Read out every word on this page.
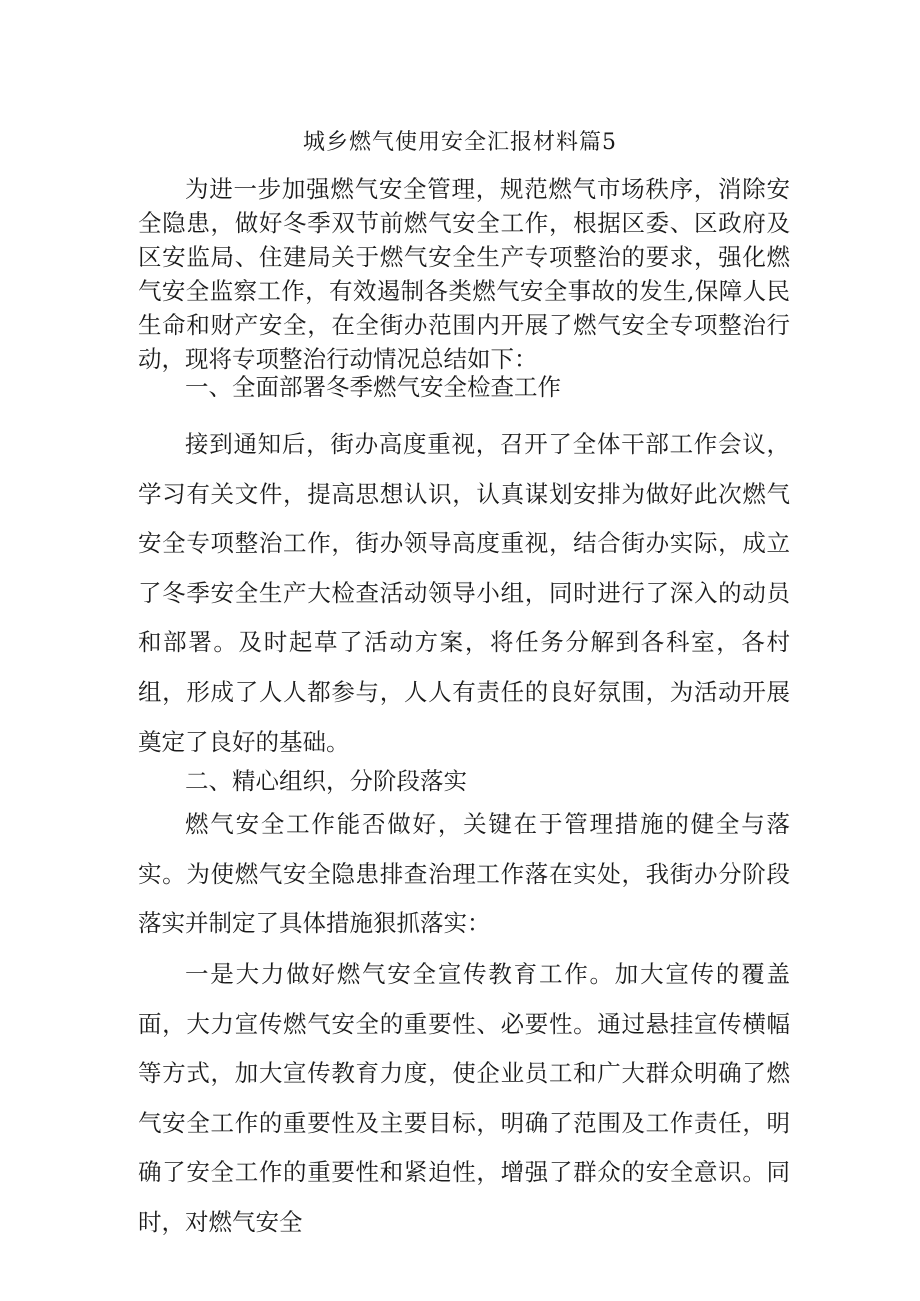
城乡燃气使用安全汇报材料篇5

为进一步加强燃气安全管理，规范燃气市场秩序，消除安全隐患，做好冬季双节前燃气安全工作，根据区委、区政府及区安监局、住建局关于燃气安全生产专项整治的要求，强化燃气安全监察工作，有效遏制各类燃气安全事故的发生,保障人民生命和财产安全，在全街办范围内开展了燃气安全专项整治行动，现将专项整治行动情况总结如下：

一、全面部署冬季燃气安全检查工作

接到通知后，街办高度重视，召开了全体干部工作会议，学习有关文件，提高思想认识，认真谋划安排为做好此次燃气安全专项整治工作，街办领导高度重视，结合街办实际，成立了冬季安全生产大检查活动领导小组，同时进行了深入的动员和部署。及时起草了活动方案，将任务分解到各科室，各村组，形成了人人都参与，人人有责任的良好氛围，为活动开展奠定了良好的基础。

二、精心组织，分阶段落实

燃气安全工作能否做好，关键在于管理措施的健全与落实。为使燃气安全隐患排查治理工作落在实处，我街办分阶段落实并制定了具体措施狠抓落实：

一是大力做好燃气安全宣传教育工作。加大宣传的覆盖面，大力宣传燃气安全的重要性、必要性。通过悬挂宣传横幅等方式，加大宣传教育力度，使企业员工和广大群众明确了燃气安全工作的重要性及主要目标，明确了范围及工作责任，明确了安全工作的重要性和紧迫性，增强了群众的安全意识。同时，对燃气安全
